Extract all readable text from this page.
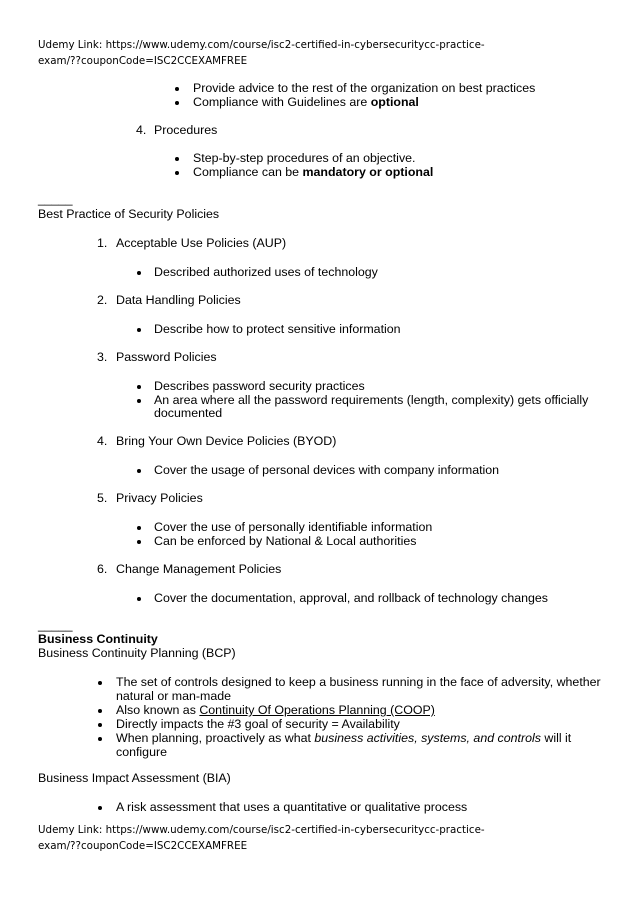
Udemy Link: https://www.udemy.com/course/isc2-certified-in-cybersecuritycc-practice-
exam/??couponCode=ISC2CCEXAMFREE
Provide advice to the rest of the organization on best practices
Compliance with Guidelines are optional
4. Procedures
Step-by-step procedures of an objective.
Compliance can be mandatory or optional
_____
Best Practice of Security Policies
1. Acceptable Use Policies (AUP)
Described authorized uses of technology
2. Data Handling Policies
Describe how to protect sensitive information
3. Password Policies
Describes password security practices
An area where all the password requirements (length, complexity) gets officially
documented
4. Bring Your Own Device Policies (BYOD)
Cover the usage of personal devices with company information
5. Privacy Policies
Cover the use of personally identifiable information
Can be enforced by National & Local authorities
6. Change Management Policies
Cover the documentation, approval, and rollback of technology changes
_____
Business Continuity
Business Continuity Planning (BCP)
The set of controls designed to keep a business running in the face of adversity, whether
natural or man-made
Also known as Continuity Of Operations Planning (COOP)
Directly impacts the #3 goal of security = Availability
When planning, proactively as what business activities, systems, and controls will it
configure
Business Impact Assessment (BIA)
A risk assessment that uses a quantitative or qualitative process
Udemy Link: https://www.udemy.com/course/isc2-certified-in-cybersecuritycc-practice-
exam/??couponCode=ISC2CCEXAMFREE
